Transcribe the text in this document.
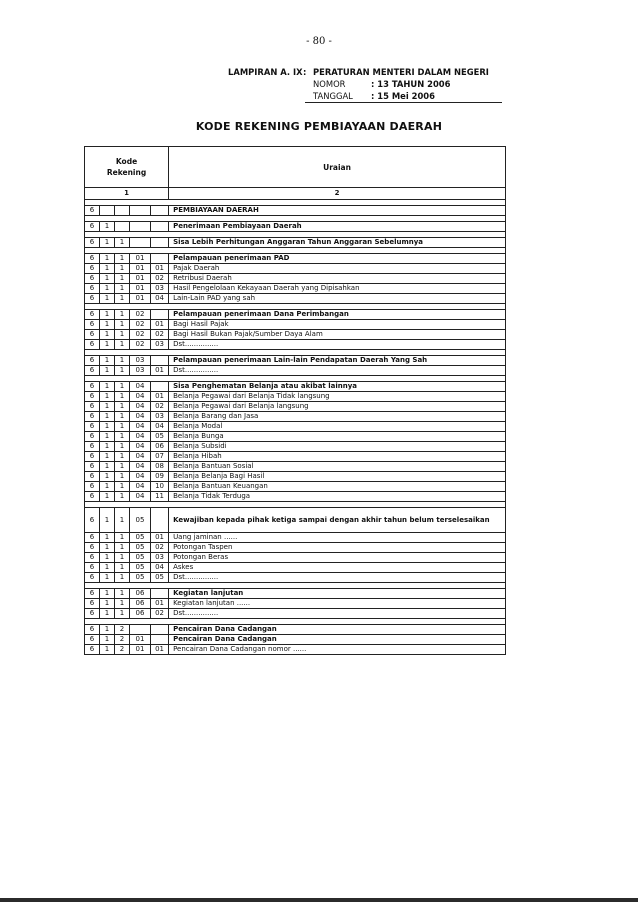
- 80 -
LAMPIRAN A. IX: PERATURAN MENTERI DALAM NEGERI
NOMOR	: 13 TAHUN 2006
TANGGAL : 15 Mei 2006
KODE REKENING PEMBIAYAAN DAERAH
Kode
Rekening					Uraian
1					2

6					PEMBIAYAAN DAERAH

6	1				Penerimaan Pembiayaan Daerah

6	1	1			Sisa Lebih Perhitungan Anggaran Tahun Anggaran Sebelumnya

6	1	1	01		Pelampauan penerimaan PAD
6	1	1	01	01	Pajak Daerah
6	1	1	01	02	Retribusi Daerah
6	1	1	01	03	Hasil Pengelolaan Kekayaan Daerah yang Dipisahkan
6	1	1	01	04	Lain-Lain PAD yang sah

6	1	1	02		Pelampauan penerimaan Dana Perimbangan
6	1	1	02	01	Bagi Hasil Pajak
6	1	1	02	02	Bagi Hasil Bukan Pajak/Sumber Daya Alam
6	1	1	02	03	Dst...............

6	1	1	03		Pelampauan penerimaan Lain-lain Pendapatan Daerah Yang Sah
6	1	1	03	01	Dst...............

6	1	1	04		Sisa Penghematan Belanja atau akibat lainnya
6	1	1	04	01	Belanja Pegawai dari Belanja Tidak langsung
6	1	1	04	02	Belanja Pegawai dari Belanja langsung
6	1	1	04	03	Belanja Barang dan Jasa
6	1	1	04	04	Belanja Modal
6	1	1	04	05	Belanja Bunga
6	1	1	04	06	Belanja Subsidi
6	1	1	04	07	Belanja Hibah
6	1	1	04	08	Belanja Bantuan Sosial
6	1	1	04	09	Belanja Belanja Bagi Hasil
6	1	1	04	10	Belanja Bantuan Keuangan
6	1	1	04	11	Belanja Tidak Terduga

6	1	1	05		Kewajiban kepada pihak ketiga sampai dengan akhir tahun belum terselesaikan
6	1	1	05	01	Uang jaminan ......
6	1	1	05	02	Potongan Taspen
6	1	1	05	03	Potongan Beras
6	1	1	05	04	Askes
6	1	1	05	05	Dst...............

6	1	1	06		Kegiatan lanjutan
6	1	1	06	01	Kegiatan lanjutan ......
6	1	1	06	02	Dst...............

6	1	2			Pencairan Dana Cadangan
6	1	2	01		Pencairan Dana Cadangan
6	1	2	01	01	Pencairan Dana Cadangan nomor ......
